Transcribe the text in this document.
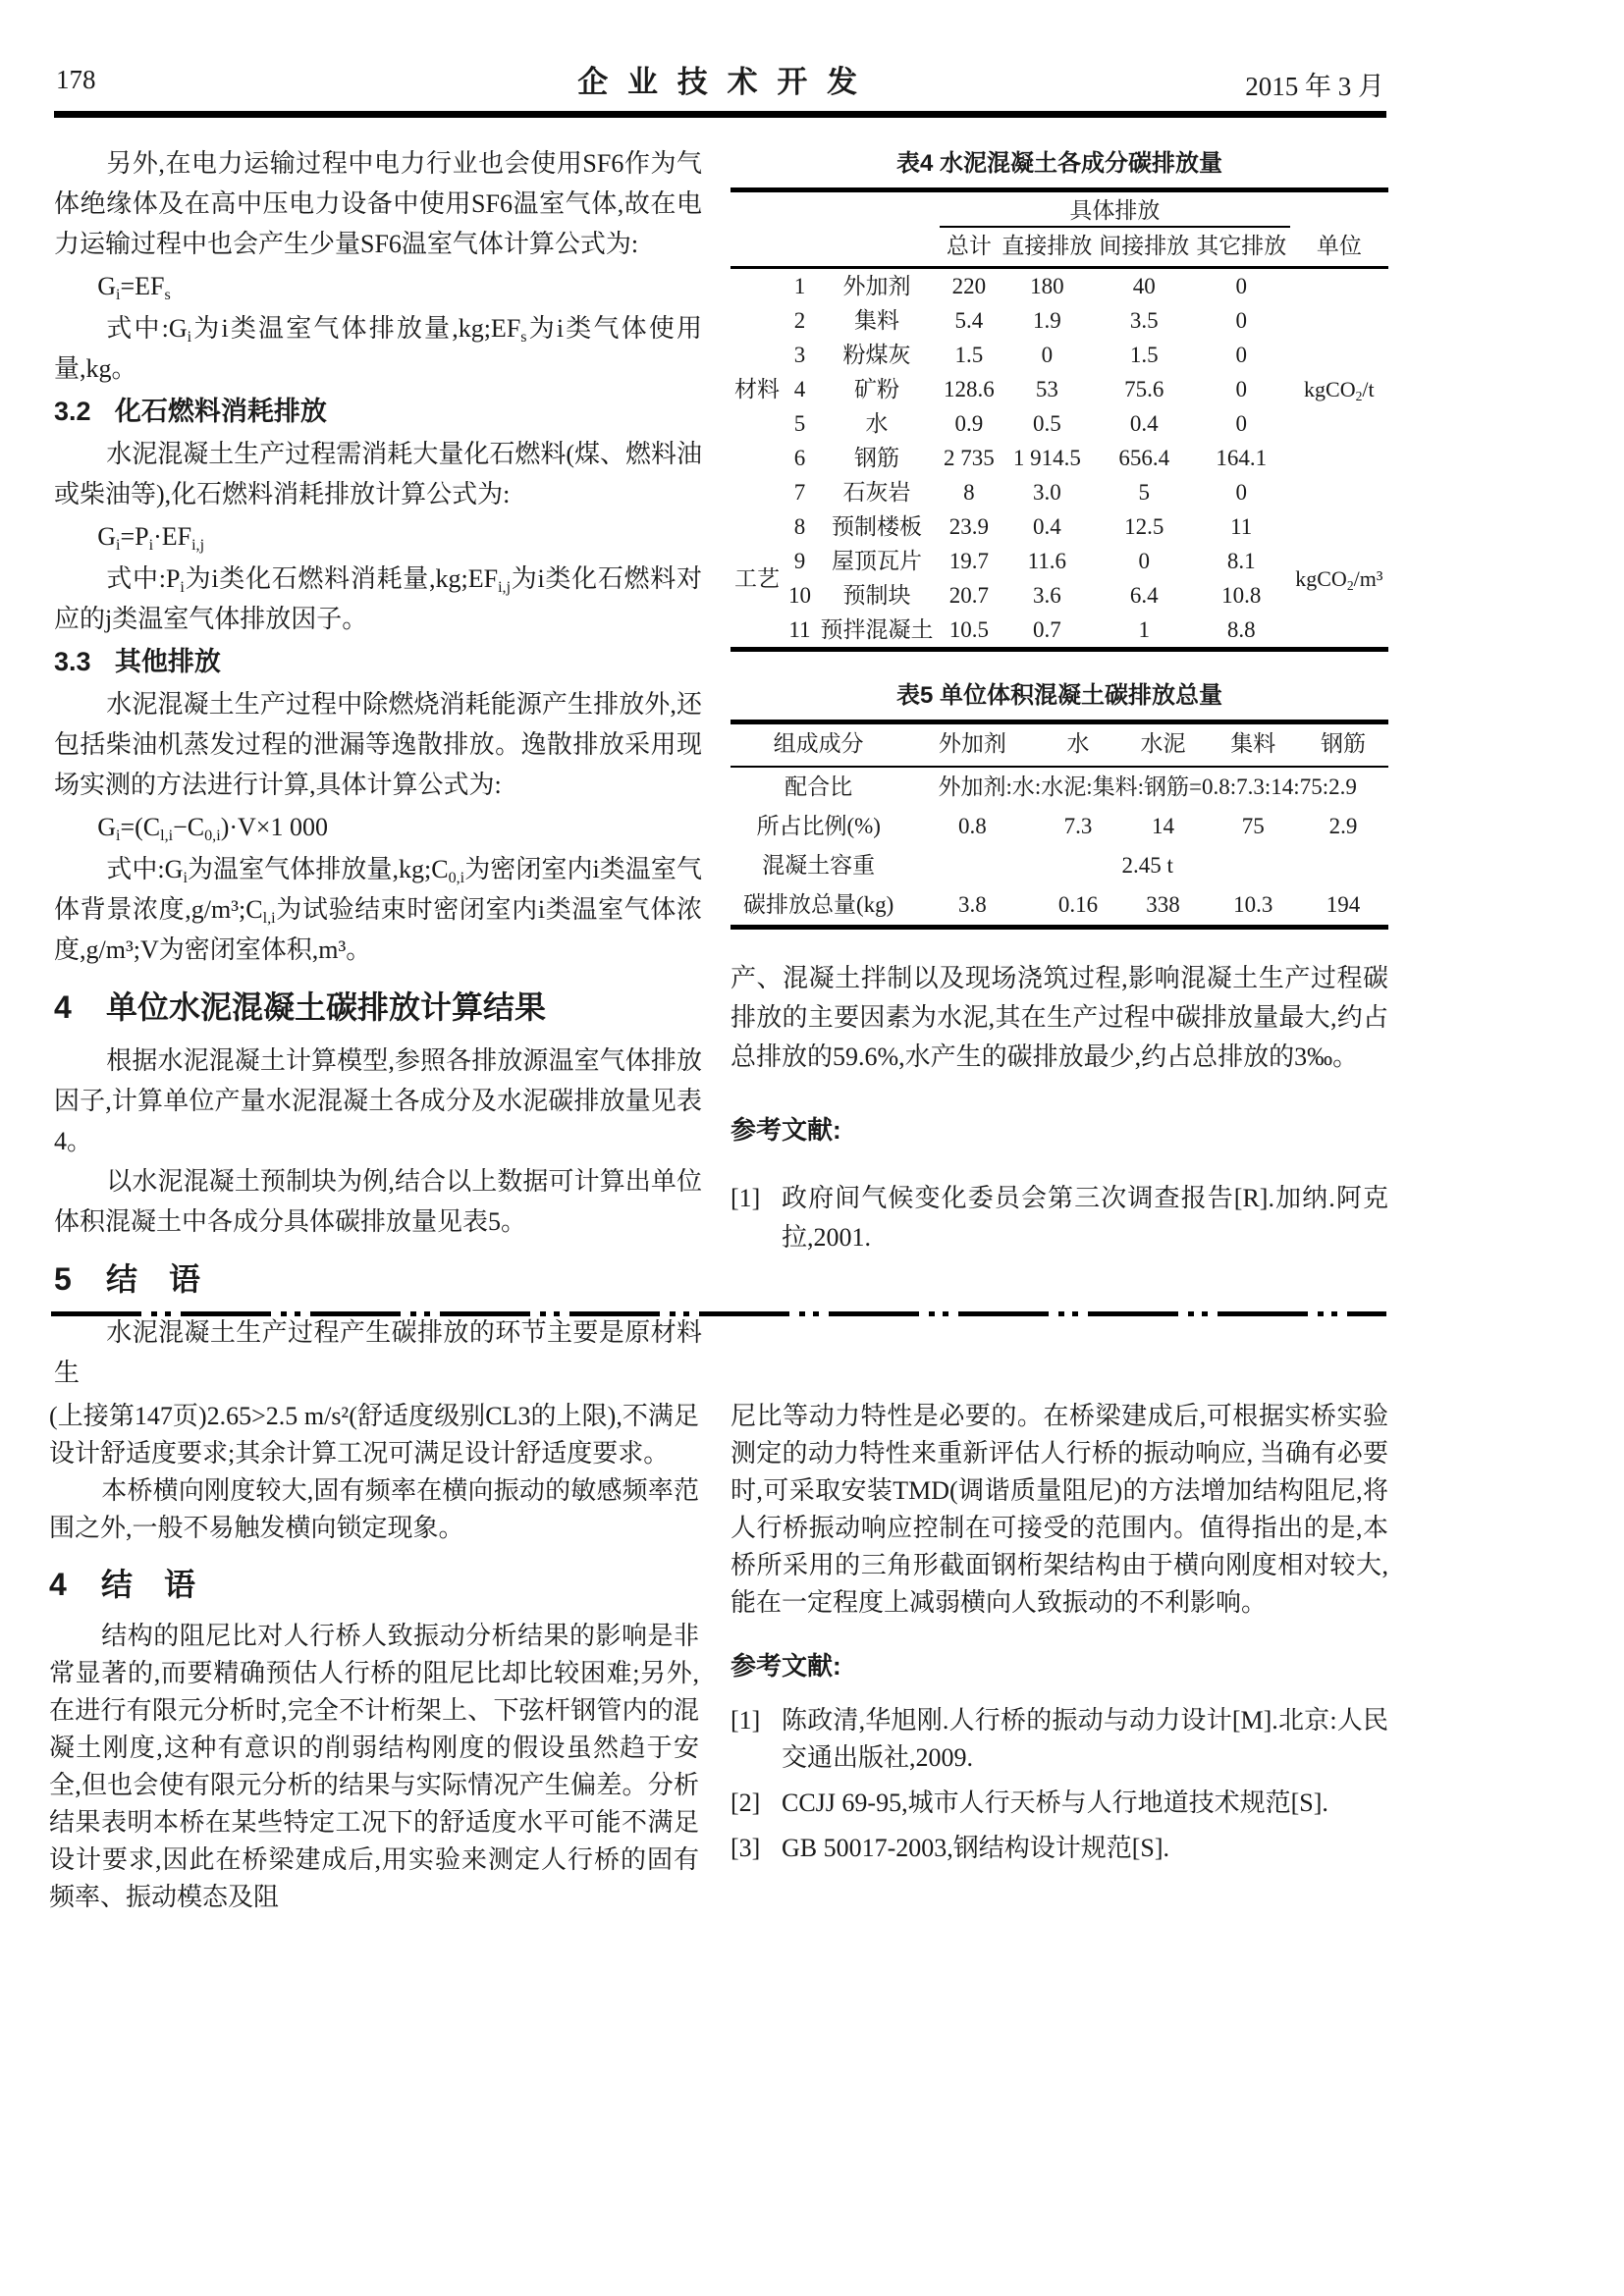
178	企 业 技 术 开 发	2015 年 3 月

另外,在电力运输过程中电力行业也会使用SF6作为气体绝缘体及在高中压电力设备中使用SF6温室气体,故在电力运输过程中也会产生少量SF6温室气体计算公式为:

$G_i=EF_s$

式中$:G_i$为i类温室气体排放量$,kg;EF_s$为i类气体使用量,kg。

3.2 化石燃料消耗排放

水泥混凝土生产过程需消耗大量化石燃料(煤、燃料油或柴油等),化石燃料消耗排放计算公式为:

$G_i=P_i\cdot EF_{i,j}$

式中$:P_i$为i类化石燃料消耗量$,kg;EF_{i,j}$为i类化石燃料对应的j类温室气体排放因子。

3.3 其他排放

水泥混凝土生产过程中除燃烧消耗能源产生排放外,还包括柴油机蒸发过程的泄漏等逸散排放。逸散排放采用现场实测的方法进行计算,具体计算公式为:

$G_i=(C_{l,i}-C_{0,i})\cdot V\times 1$ 000

式中$:G_i$为温室气体排放量$,kg;C_{0,i}$为密闭室内i类温室气体背景浓度$,g/m^3;C_{l,i}$为试验结束时密闭室内i类温室气体浓度,g/m³;V为密闭室体积,m³。

4 单位水泥混凝土碳排放计算结果

根据水泥混凝土计算模型,参照各排放源温室气体排放因子,计算单位产量水泥混凝土各成分及水泥碳排放量见表4。

以水泥混凝土预制块为例,结合以上数据可计算出单位体积混凝土中各成分具体碳排放量见表5。

5 结　语

水泥混凝土生产过程产生碳排放的环节主要是原材料生

表4 水泥混凝土各成分碳排放量
			具体排放				
			总计	直接排放	间接排放	其它排放	单位
材料	1	外加剂	220	180	40	0	kgCO$_2$/t
	2	集料	5.4	1.9	3.5	0	
	3	粉煤灰	1.5	0	1.5	0	
	4	矿粉	128.6	53	75.6	0	
	5	水	0.9	0.5	0.4	0	
	6	钢筋	2 735	1 914.5	656.4	164.1	
	7	石灰岩	8	3.0	5	0	
工艺	8	预制楼板	23.9	0.4	12.5	11	kgCO$_2$/m³
	9	屋顶瓦片	19.7	11.6	0	8.1	
	10	预制块	20.7	3.6	6.4	10.8	
	11	预拌混凝土	10.5	0.7	1	8.8	
表5 单位体积混凝土碳排放总量
组成成分	外加剂	水	水泥	集料	钢筋
配合比	外加剂:水:水泥:集料:钢筋=0.8:7.3:14:75:2.9				
所占比例(%)	0.8	7.3	14	75	2.9
混凝土容重	2.45 t				
碳排放总量(kg)	3.8	0.16	338	10.3	194

产、混凝土拌制以及现场浇筑过程,影响混凝土生产过程碳排放的主要因素为水泥,其在生产过程中碳排放量最大,约占总排放的59.6%,水产生的碳排放最少,约占总排放的3‰。

参考文献:
[1] 政府间气候变化委员会第三次调查报告[R].加纳.阿克拉,2001.

(上接第147页)2.65>2.5 m/s²(舒适度级别CL3的上限),不满足设计舒适度要求;其余计算工况可满足设计舒适度要求。

本桥横向刚度较大,固有频率在横向振动的敏感频率范围之外,一般不易触发横向锁定现象。

4 结　语

结构的阻尼比对人行桥人致振动分析结果的影响是非常显著的,而要精确预估人行桥的阻尼比却比较困难;另外,在进行有限元分析时,完全不计桁架上、下弦杆钢管内的混凝土刚度,这种有意识的削弱结构刚度的假设虽然趋于安全,但也会使有限元分析的结果与实际情况产生偏差。分析结果表明本桥在某些特定工况下的舒适度水平可能不满足设计要求,因此在桥梁建成后,用实验来测定人行桥的固有频率、振动模态及阻

尼比等动力特性是必要的。在桥梁建成后,可根据实桥实验测定的动力特性来重新评估人行桥的振动响应, 当确有必要时,可采取安装TMD(调谐质量阻尼)的方法增加结构阻尼,将人行桥振动响应控制在可接受的范围内。值得指出的是,本桥所采用的三角形截面钢桁架结构由于横向刚度相对较大,能在一定程度上减弱横向人致振动的不利影响。

参考文献:
[1] 陈政清,华旭刚.人行桥的振动与动力设计[M].北京:人民交通出版社,2009.
[2] CCJJ 69-95,城市人行天桥与人行地道技术规范[S].
[3] GB 50017-2003,钢结构设计规范[S].
